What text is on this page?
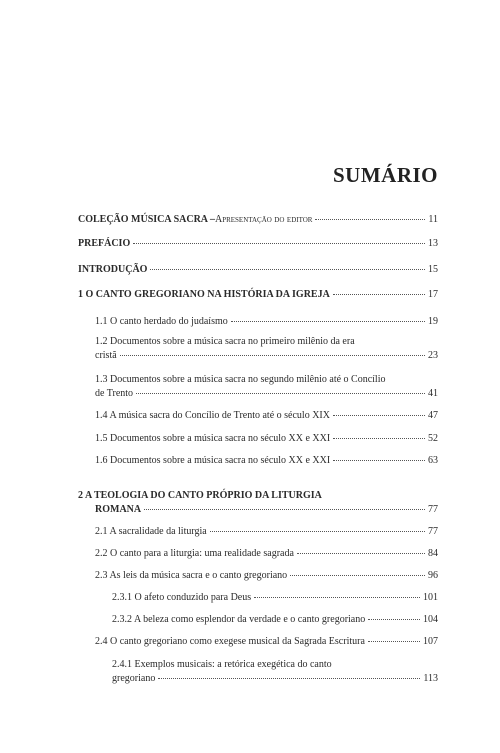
SUMÁRIO
COLEÇÃO MÚSICA SACRA – Apresentação do editor	11
PREFÁCIO	13
INTRODUÇÃO	15
1 O CANTO GREGORIANO NA HISTÓRIA DA IGREJA	17
1.1 O canto herdado do judaísmo	19
1.2 Documentos sobre a música sacra no primeiro milênio da era
cristã	23
1.3 Documentos sobre a música sacra no segundo milênio até o Concílio
de Trento	41
1.4 A música sacra do Concílio de Trento até o século XIX	47
1.5 Documentos sobre a música sacra no século XX e XXI	52
1.6 Documentos sobre a música sacra no século XX e XXI	63
2 A TEOLOGIA DO CANTO PRÓPRIO DA LITURGIA
ROMANA	77
2.1 A sacralidade da liturgia	77
2.2 O canto para a liturgia: uma realidade sagrada	84
2.3 As leis da música sacra e o canto gregoriano	96
2.3.1 O afeto conduzido para Deus	101
2.3.2 A beleza como esplendor da verdade e o canto gregoriano	104
2.4 O canto gregoriano como exegese musical da Sagrada Escritura	107
2.4.1 Exemplos musicais: a retórica exegética do canto
gregoriano	113
